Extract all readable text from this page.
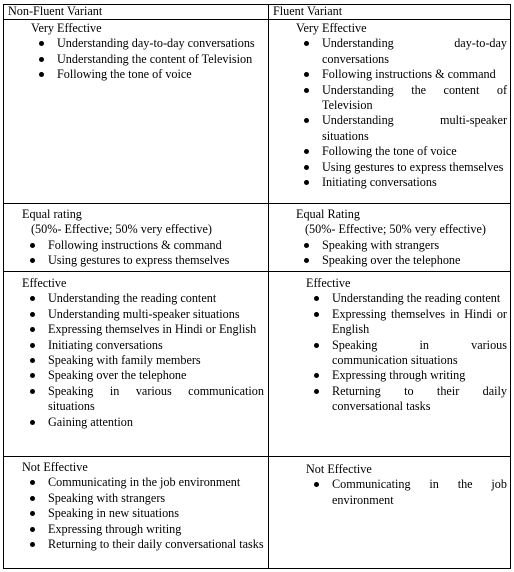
Non-Fluent Variant	Fluent Variant

Very Effective

Understanding day-to-day conversations
Understanding the content of Television
Following the tone of voice

Very Effective

Understanding day-to-day conversations
Following instructions & command
Understanding the content of Television
Understanding multi-speaker situations
Following the tone of voice
Using gestures to express themselves
Initiating conversations

Equal rating

(50%- Effective; 50% very effective)

Following instructions & command
Using gestures to express themselves

Equal Rating

(50%- Effective; 50% very effective)

Speaking with strangers
Speaking over the telephone

Effective

Understanding the reading content
Understanding multi-speaker situations
Expressing themselves in Hindi or English
Initiating conversations
Speaking with family members
Speaking over the telephone
Speaking in various communication situations
Gaining attention

Effective

Understanding the reading content
Expressing themselves in Hindi or English
Speaking in various communication situations
Expressing through writing
Returning to their daily conversational tasks

Not Effective

Communicating in the job environment
Speaking with strangers
Speaking in new situations
Expressing through writing
Returning to their daily conversational tasks

Not Effective

Communicating in the job environment
